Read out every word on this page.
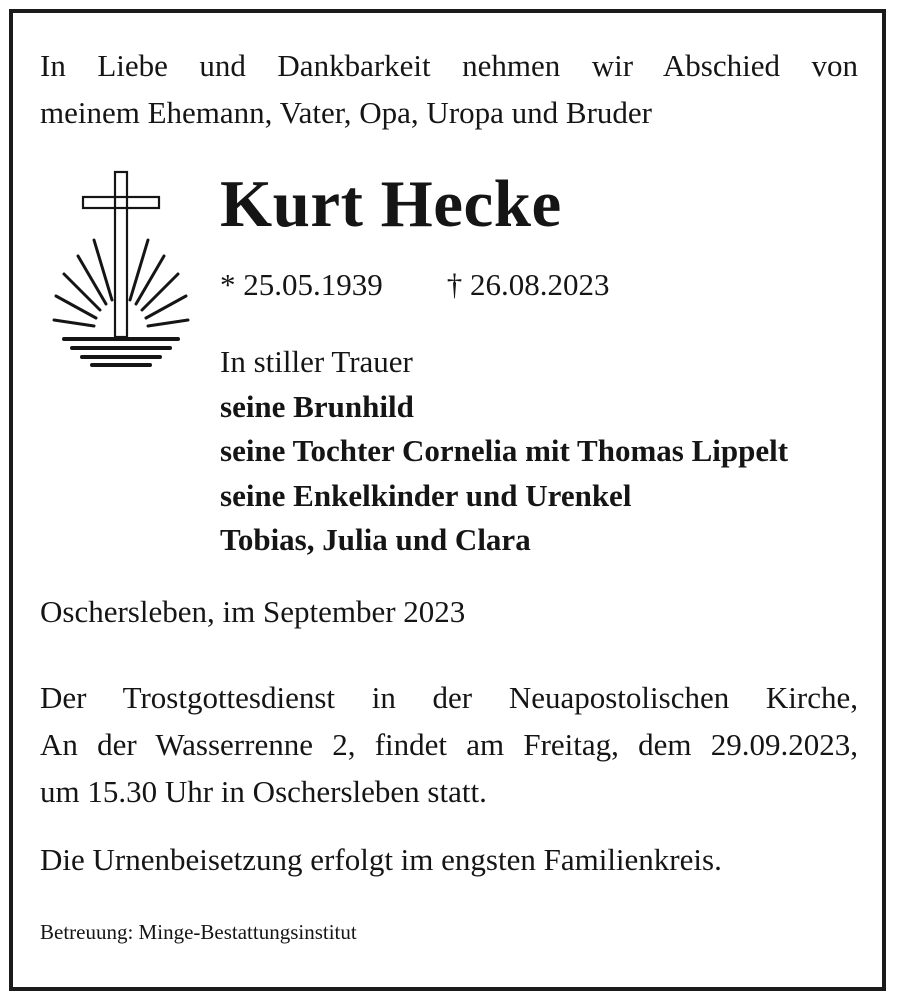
In Liebe und Dankbarkeit nehmen wir Abschied von
meinem Ehemann, Vater, Opa, Uropa und Bruder
Kurt Hecke
* 25.05.1939 † 26.08.2023
In stiller Trauer
seine Brunhild
seine Tochter Cornelia mit Thomas Lippelt
seine Enkelkinder und Urenkel
Tobias, Julia und Clara
Oschersleben, im September 2023
Der Trostgottesdienst in der Neuapostolischen Kirche,
An der Wasserrenne 2, findet am Freitag, dem 29.09.2023,
um 15.30 Uhr in Oschersleben statt.
Die Urnenbeisetzung erfolgt im engsten Familienkreis.
Betreuung: Minge-Bestattungsinstitut
